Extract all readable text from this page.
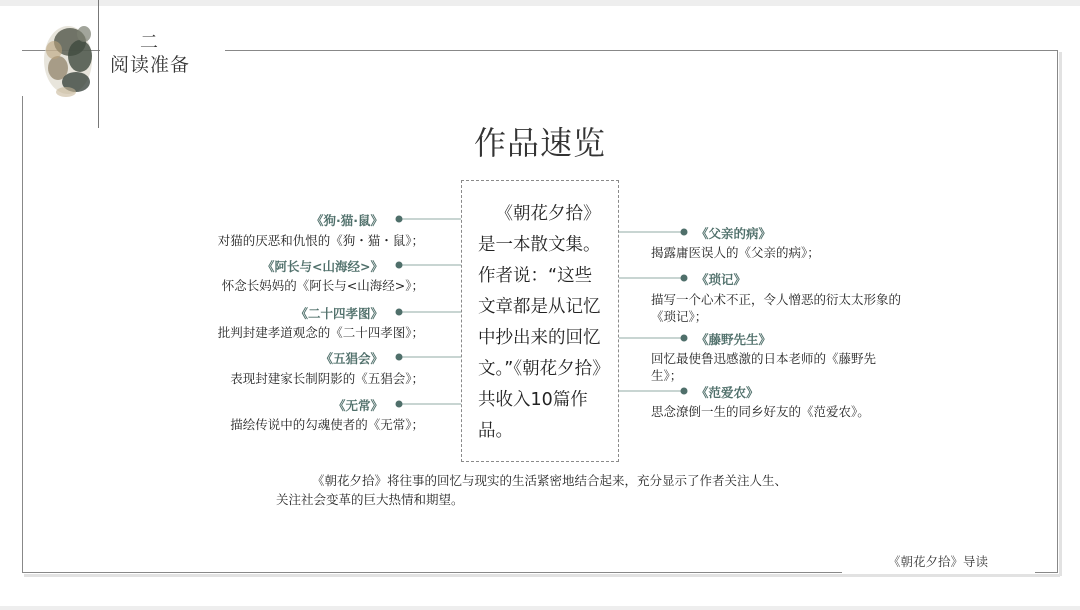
二
阅读准备
作品速览

《朝花夕拾》是一本散文集。作者说：“这些文章都是从记忆中抄出来的回忆文。”《朝花夕拾》共收入10篇作品。

《狗·猫·鼠》
对猫的厌恶和仇恨的《狗・猫・鼠》；
《阿长与<山海经>》
怀念长妈妈的《阿长与<山海经>》；
《二十四孝图》
批判封建孝道观念的《二十四孝图》；
《五猖会》
表现封建家长制阴影的《五猖会》；
《无常》
描绘传说中的勾魂使者的《无常》；
《父亲的病》
揭露庸医误人的《父亲的病》；
《琐记》
描写一个心术不正，令人憎恶的衍太太形象的《琐记》；
《藤野先生》
回忆最使鲁迅感激的日本老师的《藤野先生》；
《范爱农》
思念潦倒一生的同乡好友的《范爱农》。
《朝花夕拾》将往事的回忆与现实的生活紧密地结合起来，充分显示了作者关注人生、
关注社会变革的巨大热情和期望。
《朝花夕拾》导读
